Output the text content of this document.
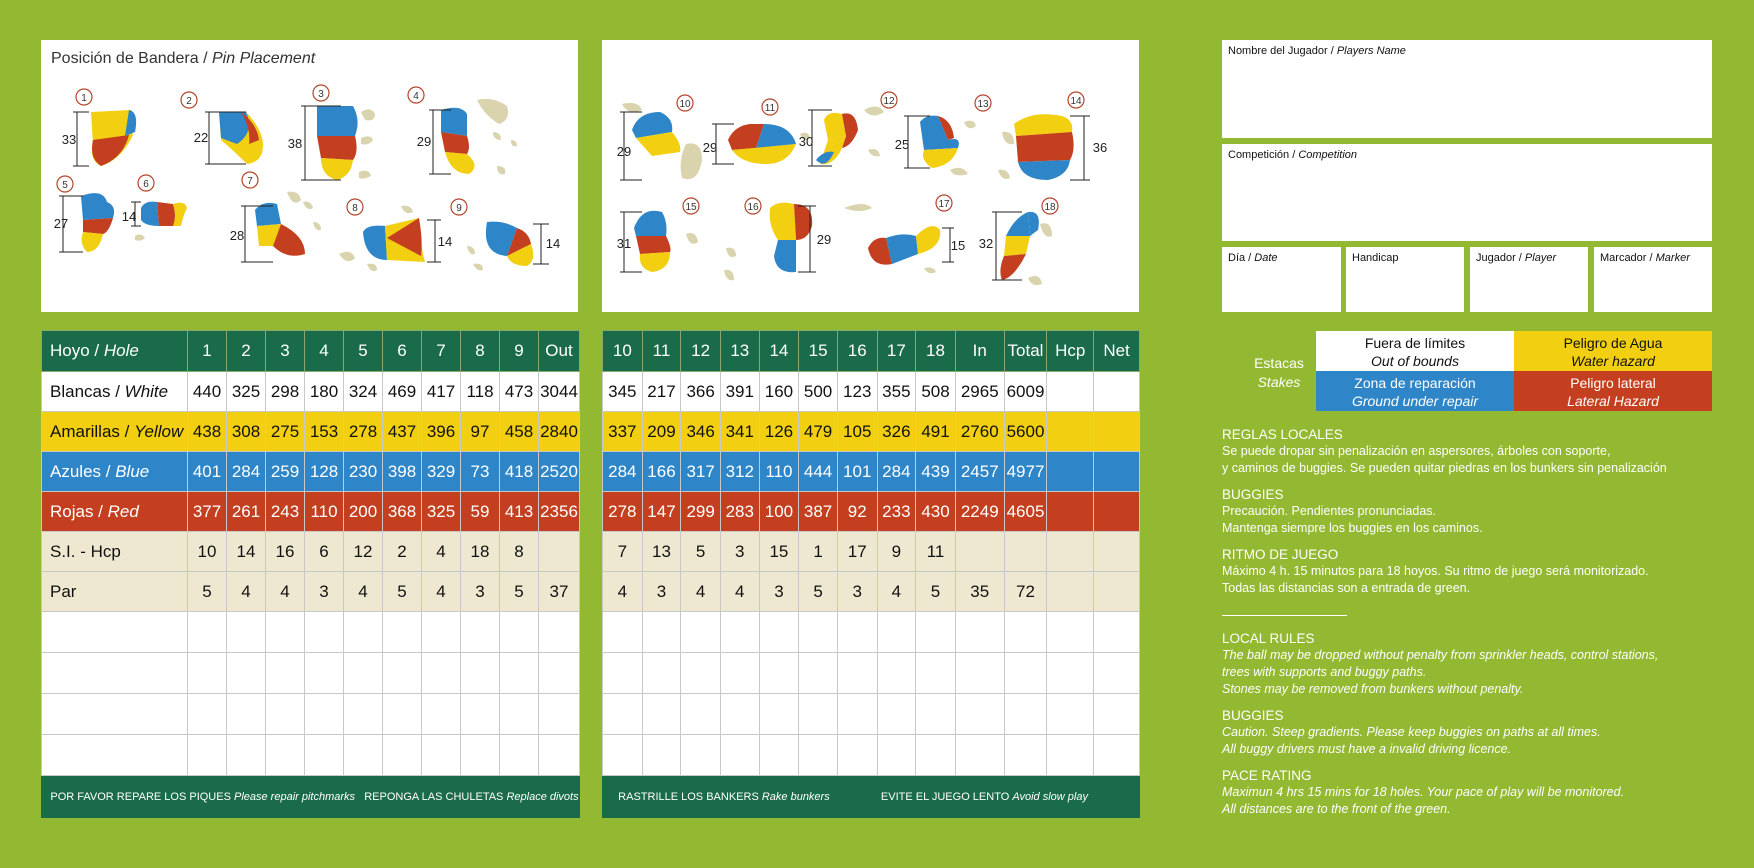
Posición de Bandera / Pin Placement
1
33
2
22
3
38
4
29
5
27
6
14
7
28
8
14
9
14
10
29
11
29
12
30
13
25
14
36
15
31
16
29
17
15
18
32
Hoyo / Hole	1	2	3	4	5	6	7	8	9	Out
Blancas / White	440	325	298	180	324	469	417	118	473	3044
Amarillas / Yellow	438	308	275	153	278	437	396	97	458	2840
Azules / Blue	401	284	259	128	230	398	329	73	418	2520
Rojas / Red	377	261	243	110	200	368	325	59	413	2356
S.I. - Hcp	10	14	16	6	12	2	4	18	8	
Par	5	4	4	3	4	5	4	3	5	37

POR FAVOR REPARE LOS PIQUES Please repair pitchmarks REPONGA LAS CHULETAS Replace divots										
10	11	12	13	14	15	16	17	18	In	Total	Hcp	Net
345	217	366	391	160	500	123	355	508	2965	6009		
337	209	346	341	126	479	105	326	491	2760	5600		
284	166	317	312	110	444	101	284	439	2457	4977		
278	147	299	283	100	387	92	233	430	2249	4605		
7	13	5	3	15	1	17	9	11				
4	3	4	4	3	5	3	4	5	35	72		

RASTRILLE LOS BANKERS Rake bunkers						EVITE EL JUEGO LENTO Avoid slow play						
Nombre del Jugador / Players Name
Competición / Competition
Día / Date	Handicap	Jugador / Player	Marcador / Marker
Estacas
Stakes
Fuera de límites
Out of bounds
Peligro de Agua
Water hazard
Zona de reparación
Ground under repair
Peligro lateral
Lateral Hazard
REGLAS LOCALES
Se puede dropar sin penalización en aspersores, árboles con soporte,
y caminos de buggies. Se pueden quitar piedras en los bunkers sin penalización
BUGGIES
Precaución. Pendientes pronunciadas.
Mantenga siempre los buggies en los caminos.
RITMO DE JUEGO
Máximo 4 h. 15 minutos para 18 hoyos. Su ritmo de juego será monitorizado.
Todas las distancias son a entrada de green.
LOCAL RULES
The ball may be dropped without penalty from sprinkler heads, control stations,
trees with supports and buggy paths.
Stones may be removed from bunkers without penalty.
BUGGIES
Caution. Steep gradients. Please keep buggies on paths at all times.
All buggy drivers must have a invalid driving licence.
PACE RATING
Maximun 4 hrs 15 mins for 18 holes. Your pace of play will be monitored.
All distances are to the front of the green.
